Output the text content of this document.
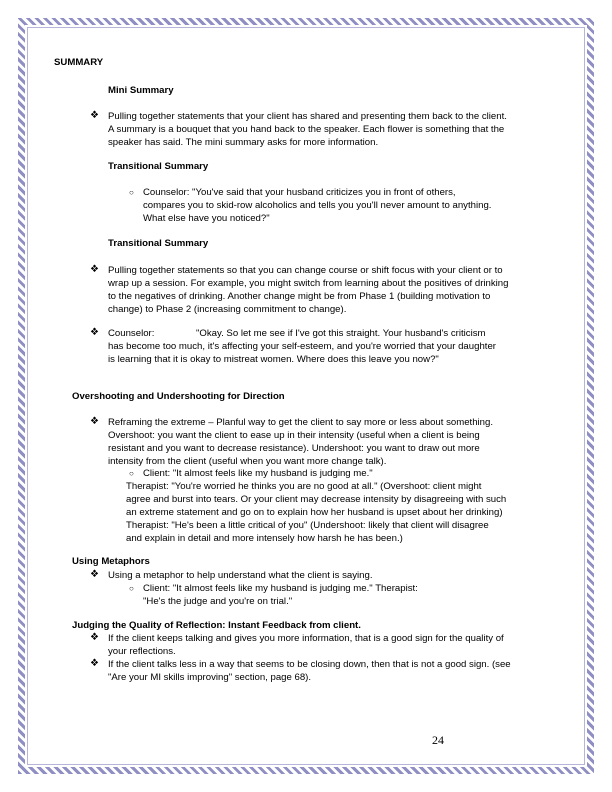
SUMMARY
Mini Summary
❖ Pulling together statements that your client has shared and presenting them back to the client.
A summary is a bouquet that you hand back to the speaker. Each flower is something that the
speaker has said. The mini summary asks for more information.
Transitional Summary
○ Counselor: "You've said that your husband criticizes you in front of others,
compares you to skid-row alcoholics and tells you you'll never amount to anything.
What else have you noticed?"
Transitional Summary
❖ Pulling together statements so that you can change course or shift focus with your client or to
wrap up a session. For example, you might switch from learning about the positives of drinking
to the negatives of drinking. Another change might be from Phase 1 (building motivation to
change) to Phase 2 (increasing commitment to change).
❖ Counselor:	"Okay. So let me see if I've got this straight. Your husband's criticism
has become too much, it's affecting your self-esteem, and you're worried that your daughter
is learning that it is okay to mistreat women. Where does this leave you now?"
Overshooting and Undershooting for Direction
❖ Reframing the extreme – Planful way to get the client to say more or less about something.
Overshoot: you want the client to ease up in their intensity (useful when a client is being
resistant and you want to decrease resistance). Undershoot: you want to draw out more
intensity from the client (useful when you want more change talk).
○ Client: "It almost feels like my husband is judging me."
Therapist: "You're worried he thinks you are no good at all." (Overshoot: client might
agree and burst into tears. Or your client may decrease intensity by disagreeing with such
an extreme statement and go on to explain how her husband is upset about her drinking)
Therapist: "He's been a little critical of you" (Undershoot: likely that client will disagree
and explain in detail and more intensely how harsh he has been.)
Using Metaphors
❖ Using a metaphor to help understand what the client is saying.
○ Client: "It almost feels like my husband is judging me." Therapist:
"He's the judge and you're on trial."
Judging the Quality of Reflection: Instant Feedback from client.
❖ If the client keeps talking and gives you more information, that is a good sign for the quality of
your reflections.
❖ If the client talks less in a way that seems to be closing down, then that is not a good sign. (see
"Are your MI skills improving" section, page 68).
24
